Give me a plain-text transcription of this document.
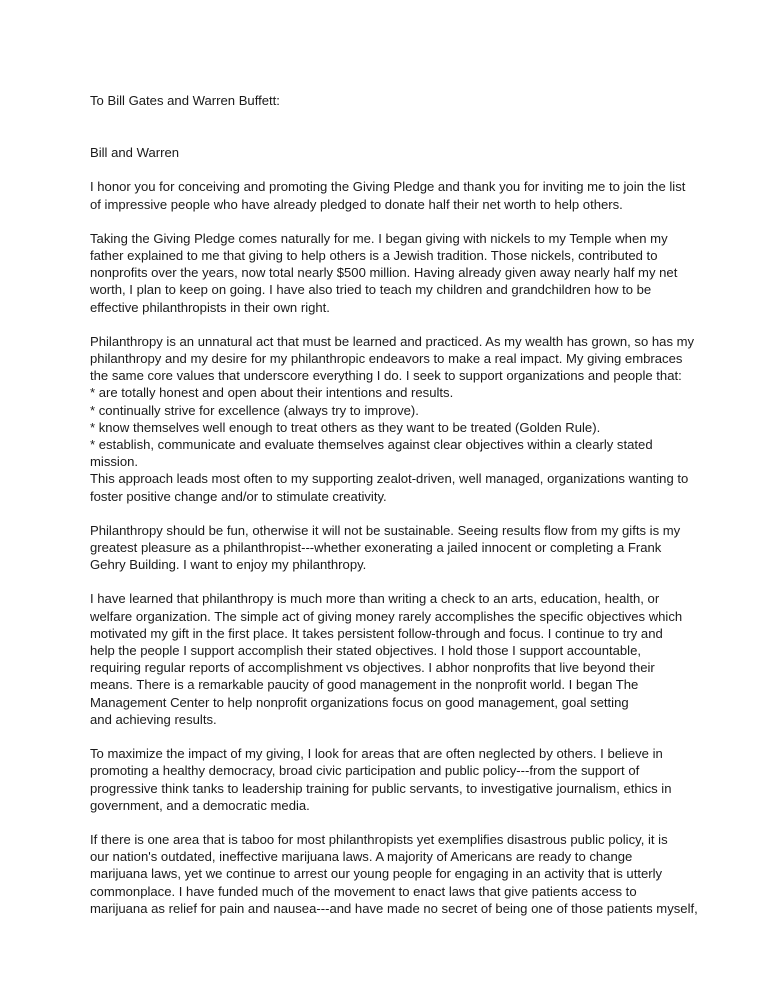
To Bill Gates and Warren Buffett:
Bill and Warren
I honor you for conceiving and promoting the Giving Pledge and thank you for inviting me to join the list
of impressive people who have already pledged to donate half their net worth to help others.
Taking the Giving Pledge comes naturally for me. I began giving with nickels to my Temple when my
father explained to me that giving to help others is a Jewish tradition. Those nickels, contributed to
nonprofits over the years, now total nearly $500 million. Having already given away nearly half my net
worth, I plan to keep on going. I have also tried to teach my children and grandchildren how to be
effective philanthropists in their own right.
Philanthropy is an unnatural act that must be learned and practiced. As my wealth has grown, so has my
philanthropy and my desire for my philanthropic endeavors to make a real impact. My giving embraces
the same core values that underscore everything I do. I seek to support organizations and people that:
* are totally honest and open about their intentions and results.
* continually strive for excellence (always try to improve).
* know themselves well enough to treat others as they want to be treated (Golden Rule).
* establish, communicate and evaluate themselves against clear objectives within a clearly stated
mission.
This approach leads most often to my supporting zealot-driven, well managed, organizations wanting to
foster positive change and/or to stimulate creativity.
Philanthropy should be fun, otherwise it will not be sustainable. Seeing results flow from my gifts is my
greatest pleasure as a philanthropist---whether exonerating a jailed innocent or completing a Frank
Gehry Building. I want to enjoy my philanthropy.
I have learned that philanthropy is much more than writing a check to an arts, education, health, or
welfare organization. The simple act of giving money rarely accomplishes the specific objectives which
motivated my gift in the first place. It takes persistent follow-through and focus. I continue to try and
help the people I support accomplish their stated objectives. I hold those I support accountable,
requiring regular reports of accomplishment vs objectives. I abhor nonprofits that live beyond their
means. There is a remarkable paucity of good management in the nonprofit world. I began The
Management Center to help nonprofit organizations focus on good management, goal setting
and achieving results.
To maximize the impact of my giving, I look for areas that are often neglected by others. I believe in
promoting a healthy democracy, broad civic participation and public policy---from the support of
progressive think tanks to leadership training for public servants, to investigative journalism, ethics in
government, and a democratic media.
If there is one area that is taboo for most philanthropists yet exemplifies disastrous public policy, it is
our nation's outdated, ineffective marijuana laws. A majority of Americans are ready to change
marijuana laws, yet we continue to arrest our young people for engaging in an activity that is utterly
commonplace. I have funded much of the movement to enact laws that give patients access to
marijuana as relief for pain and nausea---and have made no secret of being one of those patients myself,
